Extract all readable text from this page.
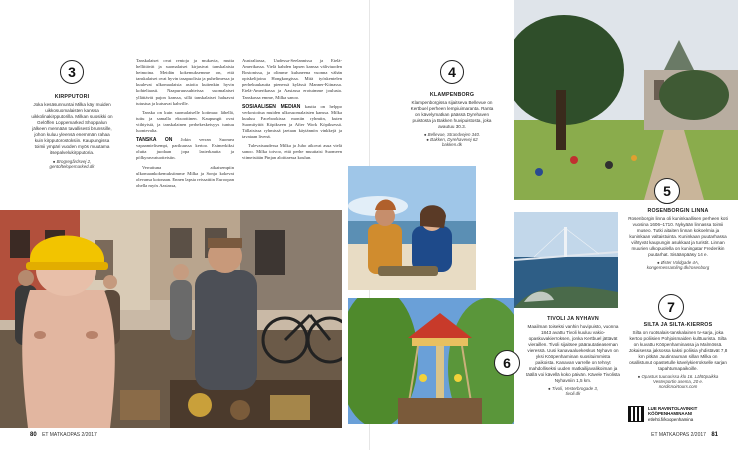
3
KIRPPUTORI
Joka kesäsunnuntai Milka käy muiden uikkosuomalaisten kanssa uikkolinakirpputorilla. Milkan suosikki on Gelöffen Loppemarked Shoppalun jälkeen mennään tavallisesti brunssille, johon kuluu yleensä enemmän rahaa kuin kirpputorostoksiin. Kaupungissa toimii ympäri vuoden myös muutama itsepalvelukirpputoria.
● Brogregårdsvej 2,
gentoftelopernarked.dk

Tanskalaiset ovat rentoja ja mukavia, mutta hellittävät ja suomalaiset kirjasivat tanskalaisia heimoina. Meidän kokemuksemme on, että tanskalaiset ovat hyvin tasapuolisia ja puhelimessa ja kuulevat ulkomaalaisia asioita kuitenkin hyvin kohteliaasti. Naapuruussuhteissa suomalaiset yllättävät pajon kanssa, sillä tanskalaiset haluavat tutustua ja kutsuvat kahville.

Tanska on kuin suomalaiselle kotimaa: lähellä, tuttu ja samalla eksoottinen. Kaupungit ovat viihtyisiä, ja tanskalainen perhekeskeisyys tuntuu luontevalta.

TANSKA ON Jokin verran Suomea vapaamielisempi, parikuussa kertoo. Esimerkiksi olutta juodaan jopa lasterkautta ja pölkyrasvatuotteisiin.

Verrattuna aikaisempiin ulkomaankokemuksiimme Milka ja Sonja kokevat olevansa kotonaan. Ennen lapsia reissattiin Euroopan ohella myös Aasiassa,

Australiassa, Uudessa-Seelannissa ja Etelä-Amerikassa. Vielä kahden lapsen kanssa väliviuoden Bostonissa, ja olimme kuluneena vuonna vähän opiskelijoina Hongkongissa. Mitä työskentelen perhekuukautta pienessä kylässä Manner-Kiinassa. Etelä-Amerikassa ja Aasiassa erotuimme joulusta. Tanskassa emme, Milka sanoo.

SOSIAALISEN MEDIAN kautta on helppo verkostoitua muiden ulkosuomalaisten kanssa. Milka kuuluu Facebookissa moniin ryhmiin, kuten Suomityttöt Köpikseen ja After Work Köpiksessä. Tällaisissa ryhmissä jaetaan käytännön vinkkejä ja tavataan livenä.

Tulevaisuudessa Milka ja Juho aikovat asua vielä sanoo. Milka toivoo, että perhe muuttaisi Suomeen viimeistään Pinjan aloittaessa koulun.

80 ET MATKAOPAS 2/2017
4
KLAMPENBORG
Klampenborgissa sijaitseva Bellevue on Kertbuel perheen lempiuimaranta. Ranta on kävelymatkan päässä Dyrehaven puistosta ja Bakken huvipuistosta, joka avautuu 30.3.
● Bellevue, Strandvejen 340.
● Bakken, Dyrehavevej 62
bakken.dk
5
ROSENBORGIN LINNA
Rosenborgin linna oli kuninkaallisen perheen koti vuosina 1606–1710. Nykyään linnassa toimii museo. Tutki aitaiten linnan kokoelmia ja kuninkaan valtaistuinta. Kuninkaan puutarhassa viihtyvät kaupungin asukkaat ja turistit. Linnan muurien ulkopuolella on kuningatar Frederikin puutarhat. Sisäänpääsy 14 e.
● Øster Voldgade 4A,
kongernessamling.dk/rosenborg
6
TIVOLI JA NYHAVN
Maailman toiseksi vanhin huvipuisto, vuonna 1843 avattu Tivoli kuuluu vakio-opaskuvakierroksen, jonka Kertbuel jättävät vieraillen. Tivoli sijaitsee päärautatieaseman vieressä. Uusi kanavaaluekeskus Nyhavn on yksi Kööpenhaminan suosituimmista paikoista. Kanavan varrelle on tehnyt mahdolliseksi uuden matkailijavalikoiman ja täällä voi kävellä koko päivän. Kävele Tivolista Nyhavniin 1,5 km.
● Tivoli, Vesterbrogade 3,
tivoli.dk
7
SILTA JA SILTA-KIERROS
Silta on ruotsalais-tanskalainen tv-sarja, joka kertoo poliisien Pohjoismaiden kulttuurista. Silta on kuvattu Kööpenhaminassa ja Malmössä. Jokaisessa jaksossa kaksi poliisia yhdistävät 7,8 km pitkän Juutinrauman sillan Milka on osallistunut opastetulle kävelykierrokselle sarjan tapahtumapaikoille.
● Opastus tuunarissa klo 16. Lähtöpaikka Vesterportin asema, 20 e.
nordicnoirtours.com
LUE RAVINTOLAVINKIT
KÖÖPENHAMINAAN!
etlehti.fi/koopenhamina
ET MATKAOPAS 2/2017 81
